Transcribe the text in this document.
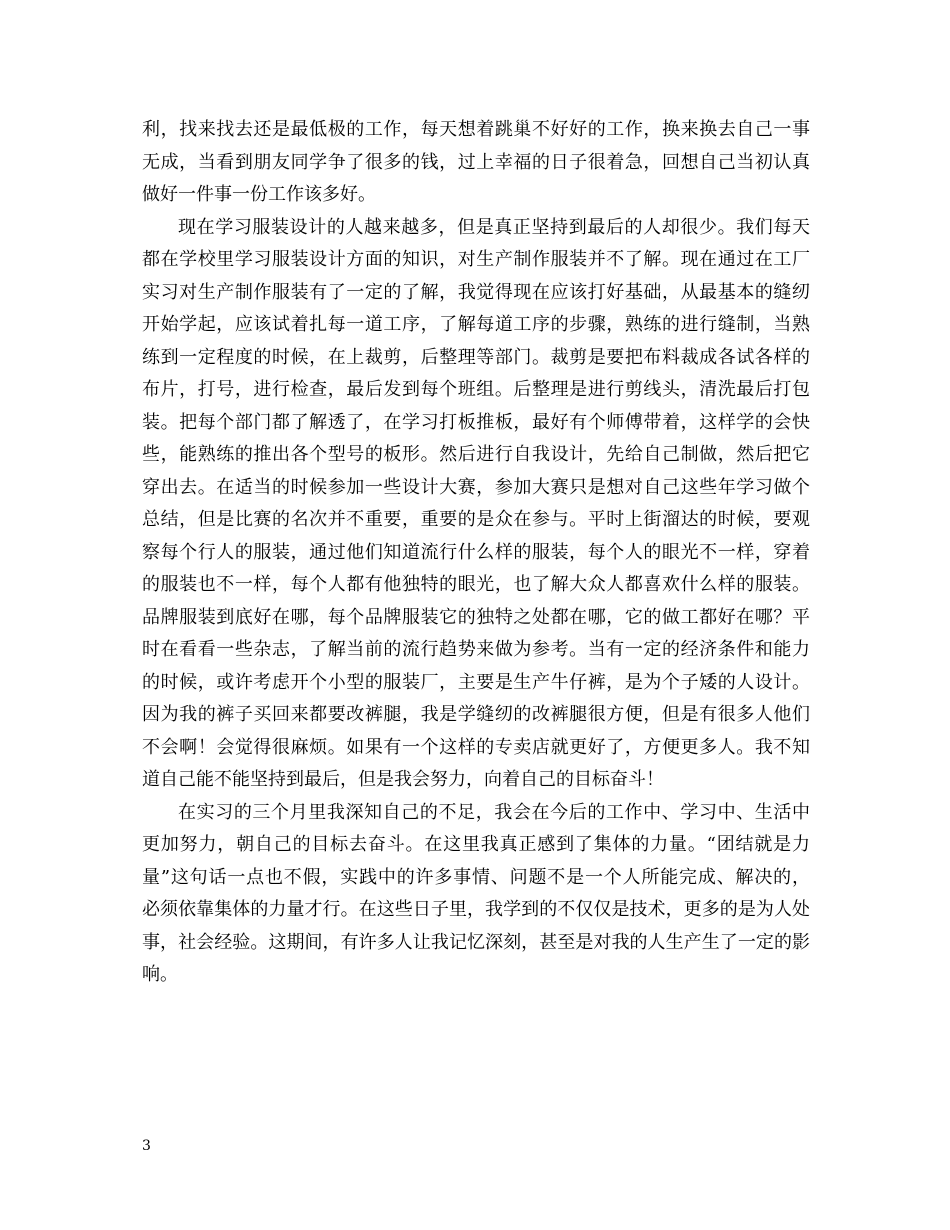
利，找来找去还是最低极的工作，每天想着跳巢不好好的工作，换来换去自己一事
无成，当看到朋友同学争了很多的钱，过上幸福的日子很着急，回想自己当初认真
做好一件事一份工作该多好。
现在学习服装设计的人越来越多，但是真正坚持到最后的人却很少。我们每天
都在学校里学习服装设计方面的知识，对生产制作服装并不了解。现在通过在工厂
实习对生产制作服装有了一定的了解，我觉得现在应该打好基础，从最基本的缝纫
开始学起，应该试着扎每一道工序，了解每道工序的步骤，熟练的进行缝制，当熟
练到一定程度的时候，在上裁剪，后整理等部门。裁剪是要把布料裁成各试各样的
布片，打号，进行检查，最后发到每个班组。后整理是进行剪线头，清洗最后打包
装。把每个部门都了解透了，在学习打板推板，最好有个师傅带着，这样学的会快
些，能熟练的推出各个型号的板形。然后进行自我设计，先给自己制做，然后把它
穿出去。在适当的时候参加一些设计大赛，参加大赛只是想对自己这些年学习做个
总结，但是比赛的名次并不重要，重要的是众在参与。平时上街溜达的时候，要观
察每个行人的服装，通过他们知道流行什么样的服装，每个人的眼光不一样，穿着
的服装也不一样，每个人都有他独特的眼光，也了解大众人都喜欢什么样的服装。
品牌服装到底好在哪，每个品牌服装它的独特之处都在哪，它的做工都好在哪？平
时在看看一些杂志，了解当前的流行趋势来做为参考。当有一定的经济条件和能力
的时候，或许考虑开个小型的服装厂，主要是生产牛仔裤，是为个子矮的人设计。
因为我的裤子买回来都要改裤腿，我是学缝纫的改裤腿很方便，但是有很多人他们
不会啊！会觉得很麻烦。如果有一个这样的专卖店就更好了，方便更多人。我不知
道自己能不能坚持到最后，但是我会努力，向着自己的目标奋斗！
在实习的三个月里我深知自己的不足，我会在今后的工作中、学习中、生活中
更加努力，朝自己的目标去奋斗。在这里我真正感到了集体的力量。“团结就是力
量”这句话一点也不假，实践中的许多事情、问题不是一个人所能完成、解决的，
必须依靠集体的力量才行。在这些日子里，我学到的不仅仅是技术，更多的是为人处
事，社会经验。这期间，有许多人让我记忆深刻，甚至是对我的人生产生了一定的影
响。
3
